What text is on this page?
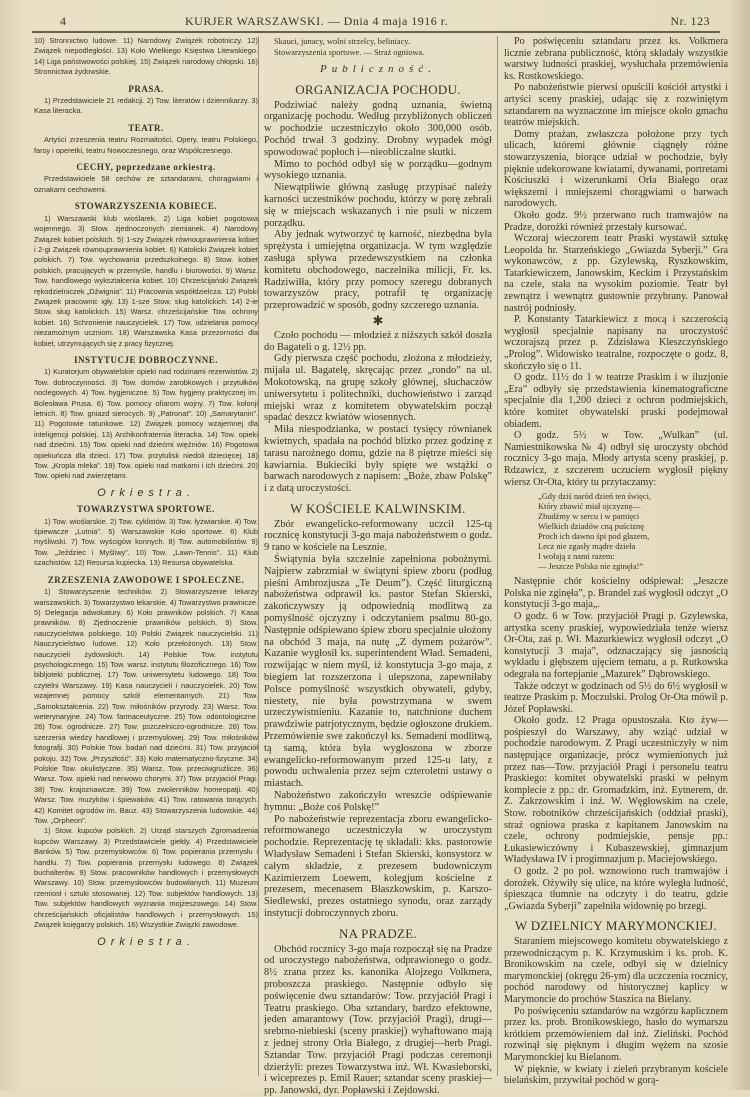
4	KURJER WARSZAWSKI. — Dnia 4 maja 1916 r.	Nr. 123

10) Stronnictwo ludowe. 11) Narodowy Związek robotniczy. 12) Związek niepodległości. 13) Koło Wielkiego Księstwa Litewskiego. 14) Liga państwowości polskiej. 15) Związek narodowy chłopski. 16) Stronnictwa żydowskie.

PRASA.

1) Przedstawiciele 21 redakcji. 2) Tow. literatów i dziennikarzy. 3) Kasa literacka.

TEATR.

Artyści zrzeszenia teatru Rozmaitości, Opery, teatru Polskiego, farsy i operetki, teatru Nowoczesnego, oraz Współczesnego.

CECHY, poprzedzane orkiestrą.

Przedstawiciele 58 cechów ze sztandarami, chorągwiami i oznakami cechowemi.

STOWARZYSZENIA KOBIECE.

1) Warszawski klub wioślarek. 2) Liga kobiet pogotowia wojennego. 3) Stow. zjednoczonych ziemianek. 4) Narodowy Związek kobiet polskich. 5) 1-szy Związek równouprawnienia kobiet i 2-gi Związek równouprawnienia kobiet. 6) Katolicki Związek kobiet polskich. 7) Tow. wychowania przedszkolnego. 8) Stow. kobiet polskich, pracujących w przemyśle, handlu i biurowości. 9) Warsz. Tow. handlowego wykształcenia kobiet. 10) Chrześcijański Związek rękodzielniczek „Dźwignia”. 11) Pracownia współdzielcza. 12) Polski Związek pracownic igły. 13) 1-sze Stow. sług katolickich. 14) 2-ie Stow. sług katolickich. 15) Warsz. chrześcijańskie Tow. ochrony kobiet. 16) Schronienie nauczycielek. 17) Tow. udzielania pomocy niezamożnym uczniom. 18) Warszawska Kasa przezorności dla kobiet, utrzymujących się z pracy fizycznej.

INSTYTUCJE DOBROCZYNNE.

1) Kuratorjum obywatelskie opieki nad rodzinami rezerwistów. 2) Tow. dobroczynności. 3) Tow. domów zarobkowych i przytułków noclegowych. 4) Tow. hygjeniczne. 5) Tow. hygjeny praktycznej im. Bolesława Prusa. 6) Tow. pomocy ofiarom wojny. 7) Tow. kolonji letnich. 8) Tow. gniazd sierocych. 9) „Patronat”. 10) „Samarytanin”. 11) Pogotowie ratunkowe. 12) Związek pomocy wzajemnej dla inteligencji polskiej. 13) Archikonfraternia literacka. 14) Tow. opieki nad dziećmi. 15) Tow. opieki nad dziećmi więźniów. 16) Pogotowa opiekuńcza dla dzieci. 17) Tow. przytulisk niedoli dziecięcej. 18) Tow. „Kropla mleka”. 19) Tow. opieki nad matkami i ich dziećmi. 20) Tow. opieki nad zwierzętami.

Orkiestra.
TOWARZYSTWA SPORTOWE.

1) Tow. wioślarskie. 2) Tow. cyklistów. 3) Tow. łyżwiarskie. 4) Tow. śpiewacze „Lutnia”. 5) Warszawskie Koło sportowe. 6) Klub myśliwski. 7) Tow. wyścigów konnych. 8) Tow. automobilistów. 9) Tow. „Jeździec i Myśliwy”. 10) Tow. „Lawn-Tennis”. 11) Klub szachistów. 12) Resursa kupiecka. 13) Resursa obywatelska.

ZRZESZENIA ZAWODOWE I SPOŁECZNE.

1) Stowarzyszenie techników. 2) Stowarzyszenie lekarzy warszawskich. 3) Towarzystwo lekarskie. 4) Towarzystwo prawnicze. 5) Delegacja adwokatury. 6) Koło prawników polskich. 7) Kasa prawników. 8) Zjednoczenie prawników polskich. 9) Stow. nauczycielstwa polskiego. 10) Polski Związek nauczycielski. 11) Nauczycielstwo ludowe. 12) Koło przełożonych. 13) Stow. nauczycieli żydowskich. 14) Polskie Tow. instytutu psychologicznego. 15) Tow. warsz. instytutu filozoficznego. 16) Tow. bibljoteki publicznej. 17) Tow. uniwersytetu ludowego. 18) Tow. czytelni Warszawy. 19) Kasa nauczycieli i nauczycielek. 20) Tow. wzajemnej pomocy szkół elementarnych. 21) Tow. „Samokształcenia. 22) Tow. miłośników przyrody. 23) Warsz. Tow. weterynaryjne. 24) Tow. farmaceutyczne. 25) Tow. odontologiczne. 26) Tow. ogrodnicze. 27) Tow. pszczelniczo-ogrodnicze. 28) Tow. szerzenia wiedzy handlowej i przemysłowej. 29) Tow. miłośników fotografji. 30) Polskie Tow. badań nad dziećmi. 31) Tow. przyjaciół pokoju. 32) Tow. „Przyszłość”. 33) Koło matematyczno-fizyczne. 34) Polskie Tow. okulistyczne. 35) Warsz. Tow. przeciwgruźlicze. 36) Warsz. Tow. opieki nad nerwowo chorymi. 37) Tow. przyjaciół Pragi. 38) Tow. krajoznawcze. 39) Tow. zwolenników homeopatji. 40) Warsz. Tow. muzyków i śpiewaków. 41) Tow. ratowania tonących. 42) Komitet ogrodów im. Bauz. 43) Stowarzyszenia ludowskie. 44) Tow. „Orpheon”.

1) Stow. kupców polskich. 2) Urząd starszych Zgromadzenia kupców Warszawy. 3) Przedstawiciele giełdy. 4) Przedstawiciele Banków. 5) Tow. przemysłowców. 6) Tow. popierania przemysłu i handlu. 7) Tow. popierania przemysłu ludowego. 8) Związek buchalterów. 9) Stow. pracowników handlowych i przemysłowych Warszawy. 10) Stow. przemysłowców budowlanych. 11) Muzeum rzemiosł i sztuki stosowanej. 12) Tow. subjektów handlowych. 13) Tow. subjektów handlowych wyznania mojżeszowego. 14) Stow. chrześcijańskich oficjalistów handlowych i przemysłowych. 15) Związek księgarzy polskich. 16) Wszystkie Związki zawodowe.

Orkiestra.
Skauci, junacy, wolni strzelcy, beliniacy.
Stowarzyszenia sportowe. — Straż ogniowa.
Publiczność.
ORGANIZACJA POCHODU.

Podziwiać należy godną uznania, świetną organizację pochodu. Według przybliżonych obliczeń w pochodzie uczestniczyło około 300,000 osób. Pochód trwał 3 godziny. Drobny wypadek mógł spowodować popłoch i—nieobliczalne skutki.

Mimo to pochód odbył się w porządku—godnym wysokiego uznania.

Niewątpliwie główną zasługę przypisać należy karności uczestników pochodu, którzy w porę zebrali się w miejscach wskazanych i nie psuli w niczem porządku.

Aby jednak wytworzyć tę karność, niezbędna była sprężysta i umiejętna organizacja. W tym względzie zasługa spływa przedewszystkiem na członka komitetu obchodowego, naczelnika milicji, Fr. ks. Radziwiłła, który przy pomocy szeregu dobranych towarzyszów pracy, potrafił tę organizację przeprowadzić w sposób, godny szczerego uznania.

✱

Czoło pochodu — młodzież z niższych szkół doszła do Bagateli o g. 12½ pp.

Gdy pierwsza część pochodu, złożona z młodzieży, mijała ul. Bagatelę, skręcając przez „rondo” na ul. Mokotowską, na grupę szkoły głównej, słuchaczów uniwersytetu i politechniki, duchowieństwo i zarząd miejski wraz z komitetem obywatelskim począł spadać deszcz kwiatów wiosennych.

Miła niespodzianka, w postaci tysięcy równianek kwietnych, spadała na pochód blizko przez godzinę z tarasu narożnego domu, gdzie na 8 piętrze mieści się kawiarnia. Bukieciki były spięte we wstążki o barwach narodowych z napisem: „Boże, zbaw Polskę” i z datą uroczystości.

W KOŚCIELE KALWINSKIM.

Zbór ewangelicko-reformowany uczcił 125-tą rocznicę konstytucji 3-go maja nabożeństwem o godz. 9 rano w kościele na Lesznie.

Świątynia była szczelnie zapełniona pobożnymi. Najpierw zabrzmiał w świątyni śpiew zboru (podług pieśni Ambrozjusza „Te Deum”). Część liturgiczną nabożeństwa odprawił ks. pastor Stefan Skierski, zakończywszy ją odpowiednią modlitwą za pomyślność ojczyzny i odczytaniem psalmu 80-go. Następnie odśpiewano śpiew zboru specjalnie ułożony na obchód 3 maja, na nutę „Z dymem pożarów”. Kazanie wygłosił ks. superintendent Wład. Semadeni, rozwijając w niem myśl, iż konstytucja 3-go maja, z biegiem lat rozszerzona i ulepszona, zapewniłaby Polsce pomyślność wszystkich obywateli, gdyby, niestety, nie była powstrzymana w swem urzeczywistnieniu. Kazanie to, natchnione duchem prawdziwie patrjotycznym, będzie ogłoszone drukiem. Przemówienie swe zakończył ks. Semadeni modlitwą, tą samą, która była wygłoszona w zborze ewangelicko-reformowanym przed 125-u laty, z powodu uchwalenia przez sejm czteroletni ustawy o miastach.

Nabożeństwo zakończyło wreszcie odśpiewanie hymnu: „Boże coś Polskę!”

Po nabożeństwie reprezentacja zboru ewangelicko-reformowanego uczestniczyła w uroczystym pochodzie. Reprezentację tę składali: kks. pastorowie Władysław Semadeni i Stefan Skierski, konsystorz w całym składzie, z prezesem budowniczym Kazimierzem Loewem, kolegjum kościelne z prezesem, mecenasem Błaszkowskim, p. Karszo-Siedlewski, prezes ostatniego synodu, oraz zarządy instytucji dobroczynnych zboru.

NA PRADZE.

Obchód rocznicy 3-go maja rozpoczął się na Pradze od uroczystego nabożeństwa, odprawionego o godz. 8½ zrana przez ks. kanonika Alojzego Volkmera, proboszcza praskiego. Następnie odbyło się poświęcenie dwu sztandarów: Tow. przyjaciół Pragi i Teatru praskiego. Oba sztandary, bardzo efektowne, jeden amarantowy (Tow. przyjaciół Pragi), drugi—srebrno-niebieski (sceny praskiej) wyhaftowano mają z jednej strony Orła Białego, z drugiej—herb Pragi. Sztandar Tow. przyjaciół Pragi podczas ceremonji dzierżyli: prezes Towarzystwa inż. Wł. Kwasieborski, i wiceprezes p. Emil Rauer; sztandar sceny praskiej—pp. Janowski, dyr. Popławski i Zejdowski.

Po poświęceniu sztandaru przez ks. Volkmera licznie zebrana publiczność, którą składały wszystkie warstwy ludności praskiej, wysłuchała przemówienia ks. Rostkowskiego.

Po nabożeństwie pierwsi opuścili kościół artystki i artyści sceny praskiej, udając się z rozwiniętym sztandarem na wyznaczone im miejsce około gmachu teatrów miejskich.

Domy prażan, zwłaszcza położone przy tych ulicach, któremi głównie ciągnęły różne stowarzyszenia, biorące udział w pochodzie, były pięknie udekorowane kwiatami, dywanami, portretami Kościuszki i wizerunkami Orła Białego oraz większemi i mniejszemi chorągwiami o barwach narodowych.

Około godz. 9½ przerwano ruch tramwajów na Pradze, dorożki również przestały kursować.

Wczoraj wieczorem teatr Praski wystawił sztukę Leopolda hr. Starzeńskiego „Gwiazda Syberji.” Gra wykonawców, z pp. Gzylewską, Ryszkowskim, Tatarkiewiczem, Janowskim, Keckim i Przystańskim na czele, stała na wysokim poziomie. Teatr był zewnątrz i wewnątrz gustownie przybrany. Panował nastrój podniosły.

P. Konstanty Tatarkiewicz z mocą i szczerością wygłosił specjalnie napisany na uroczystość wczorajszą przez p. Zdzisława Kleszczyńskiego „Prolog”. Widowisko teatralne, rozpoczęte o godz. 8, skończyło się o 11.

O godz. 11½ do 1 w teatrze Praskim i w iluzjonie „Era” odbyły się przedstawienia kinematograficzne specjalnie dla 1,200 dzieci z ochron podmiejskich, które komitet obywatelski praski podejmował obiadem.

O godz. 5½ w Tow. „Wulkan” (ul. Namiestnikowska № 4) odbył się uroczysty obchód rocznicy 3-go maja. Młody artysta sceny praskiej, p. Rdzawicz, z szczerem uczuciem wygłosił piękny wiersz Or-Ota, który tu przytaczamy:

„Gdy dziś naród dzień ten święci,
Który zbawić miał ojczyznę—
Zbudźmy w sercu i w pamięci
Wielkich dziadów cną puściznę
Proch ich dawno śpi pod głazem,
Lecz nie zgasły mądre dzieła
I wołają z nami razem:
— Jeszcze Polska nie zginęła!”

Następnie chór kościelny odśpiewał: „Jeszcze Polska nie zginęła”, p. Brandel zaś wygłosił odczyt „O konstytucji 3-go maja„.

O godz. 6 w Tow. przyjaciół Pragi p. Gzylewska, artystka sceny praskiej, wypowiedziała tenże wiersz Or-Ota, zaś p. Wł. Mazurkiewicz wygłosił odczyt „O konstytucji 3 maja”, odznaczający się jasnością wykładu i głębszem ujęciem tematu, a p. Rutkowska odegrała na fortepjanie „Mazurek” Dąbrowskiego.

Także odczyt w godzinach od 5½ do 6½ wygłosił w teatrze Praskim p. Moczulski. Prolog Or-Ota mówił p. Józef Popławski.

Około godz. 12 Praga opustoszała. Kto żyw—pośpieszył do Warszawy, aby wziąć udział w pochodzie narodowym. Z Pragi uczestniczyły w nim następujące organizacje, prócz wymienionych już przez nas—Tow. przyjaciół Pragi i personelu teatru Praskiego: komitet obywatelski praski w pełnym komplecie z pp.: dr. Gromadzkim, inż. Eytnerem, dr. Z. Zakrzowskim i inż. W. Węgłowskim na czele, Stow. robotników chrześcijańskich (oddział praski), straż ogniowa praska z kapitanem Janowskim na czele, ochrony podmiejskie, pensje pp.: Łukasiewiczówny i Kubaszewskiej, gimnazjum Władysława IV i progimnazjum p. Maciejowskiego.

O godz. 2 po poł. wznowiono ruch tramwajów i dorożek. Ożywiły się ulice, na które wyległa ludność, śpiesząca tłumnie na odczyty i do teatru, gdzie „Gwiazda Syberji” zapełniła widownię po brzegi.

W DZIELNICY MARYMONCKIEJ.

Staraniem miejscowego komitetu obywatelskiego z przewodniczącym p. K. Krzymuskim i ks. prob. K. Bronikowskim na czele, odbył się w dzielnicy marymonckiej (okręgu 26-ym) dla uczczenia rocznicy, pochód narodowy od historycznej kaplicy w Marymoncie do prochów Staszica na Bielany.

Po poświęceniu sztandarów na wzgórzu kaplicznem przez ks. prob. Bronikowskiego, hasło do wymarszu krótkiem przemówieniem dał inż. Zieliński. Pochód rozwinął się pięknym i długim wężem na szosie Marymonckiej ku Bielanom.

W pięknie, w kwiaty i zieleń przybranym kościele bielańskim, przywitał pochód w gorą-
